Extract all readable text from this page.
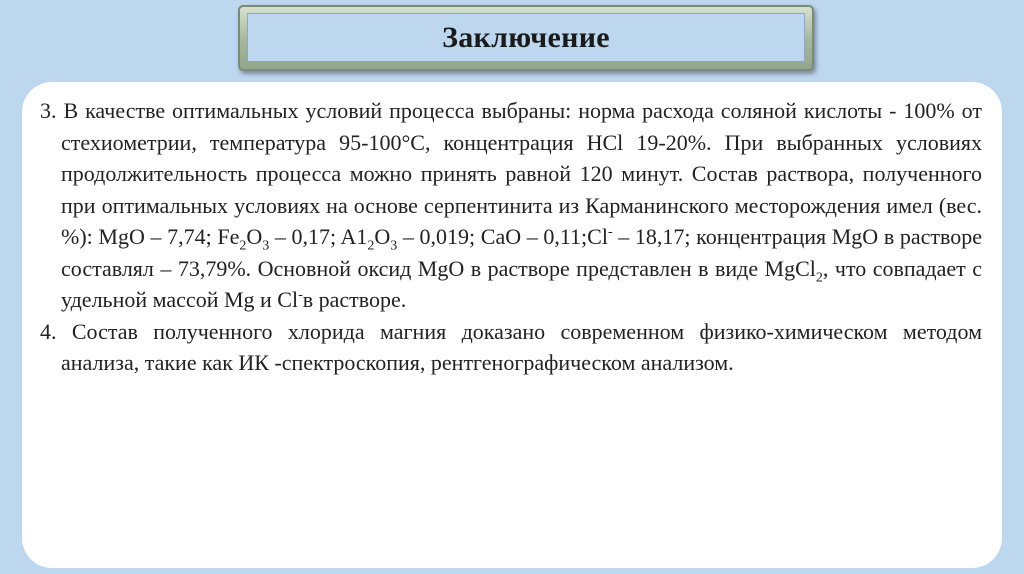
Заключение

3. В качестве оптимальных условий процесса выбраны: норма расхода соляной кислоты - 100% от стехиометрии, температура 95-100°С, концентрация HCl 19-20%. При выбранных условиях продолжительность процесса можно принять равной 120 минут. Состав раствора, полученного при оптимальных условиях на основе серпентинита из Карманинского месторождения имел (вес. %): MgO – 7,74; $Fe_2O_3 - 0,17$; $A1_2O_3 - 0,019$; CaO – 0,11;Cl- – 18,17; концентрация MgO в растворе составлял – 73,79%. Основной оксид MgO в растворе представлен в виде MgCl$_2$, что совпадает с удельной массой Mg и Cl-в растворе.

4. Состав полученного хлорида магния доказано современном физико-химическом методом анализа, такие как ИК -спектроскопия, рентгенографическом анализом.
